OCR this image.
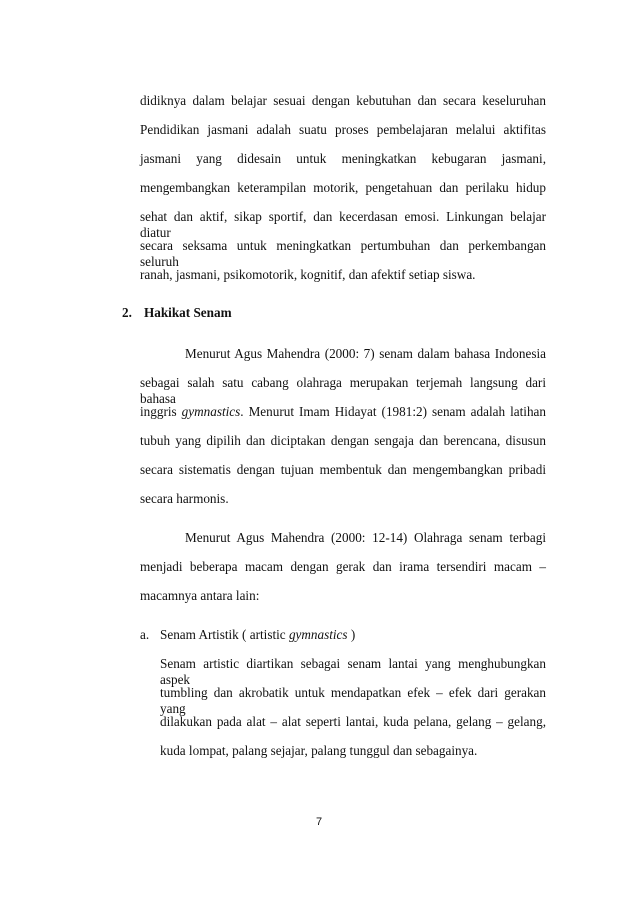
didiknya dalam belajar sesuai dengan kebutuhan dan secara keseluruhan
Pendidikan jasmani adalah suatu proses pembelajaran melalui aktifitas
jasmani yang didesain untuk meningkatkan kebugaran jasmani,
mengembangkan keterampilan motorik, pengetahuan dan perilaku hidup
sehat dan aktif, sikap sportif, dan kecerdasan emosi. Linkungan belajar diatur
secara seksama untuk meningkatkan pertumbuhan dan perkembangan seluruh
ranah, jasmani, psikomotorik, kognitif, dan afektif setiap siswa.
2. Hakikat Senam
Menurut Agus Mahendra (2000: 7) senam dalam bahasa Indonesia
sebagai salah satu cabang olahraga merupakan terjemah langsung dari bahasa
inggris gymnastics. Menurut Imam Hidayat (1981:2) senam adalah latihan
tubuh yang dipilih dan diciptakan dengan sengaja dan berencana, disusun
secara sistematis dengan tujuan membentuk dan mengembangkan pribadi
secara harmonis.
Menurut Agus Mahendra (2000: 12-14) Olahraga senam terbagi
menjadi beberapa macam dengan gerak dan irama tersendiri macam –
macamnya antara lain:
a. Senam Artistik ( artistic gymnastics )
Senam artistic diartikan sebagai senam lantai yang menghubungkan aspek
tumbling dan akrobatik untuk mendapatkan efek – efek dari gerakan yang
dilakukan pada alat – alat seperti lantai, kuda pelana, gelang – gelang,
kuda lompat, palang sejajar, palang tunggul dan sebagainya.
7
